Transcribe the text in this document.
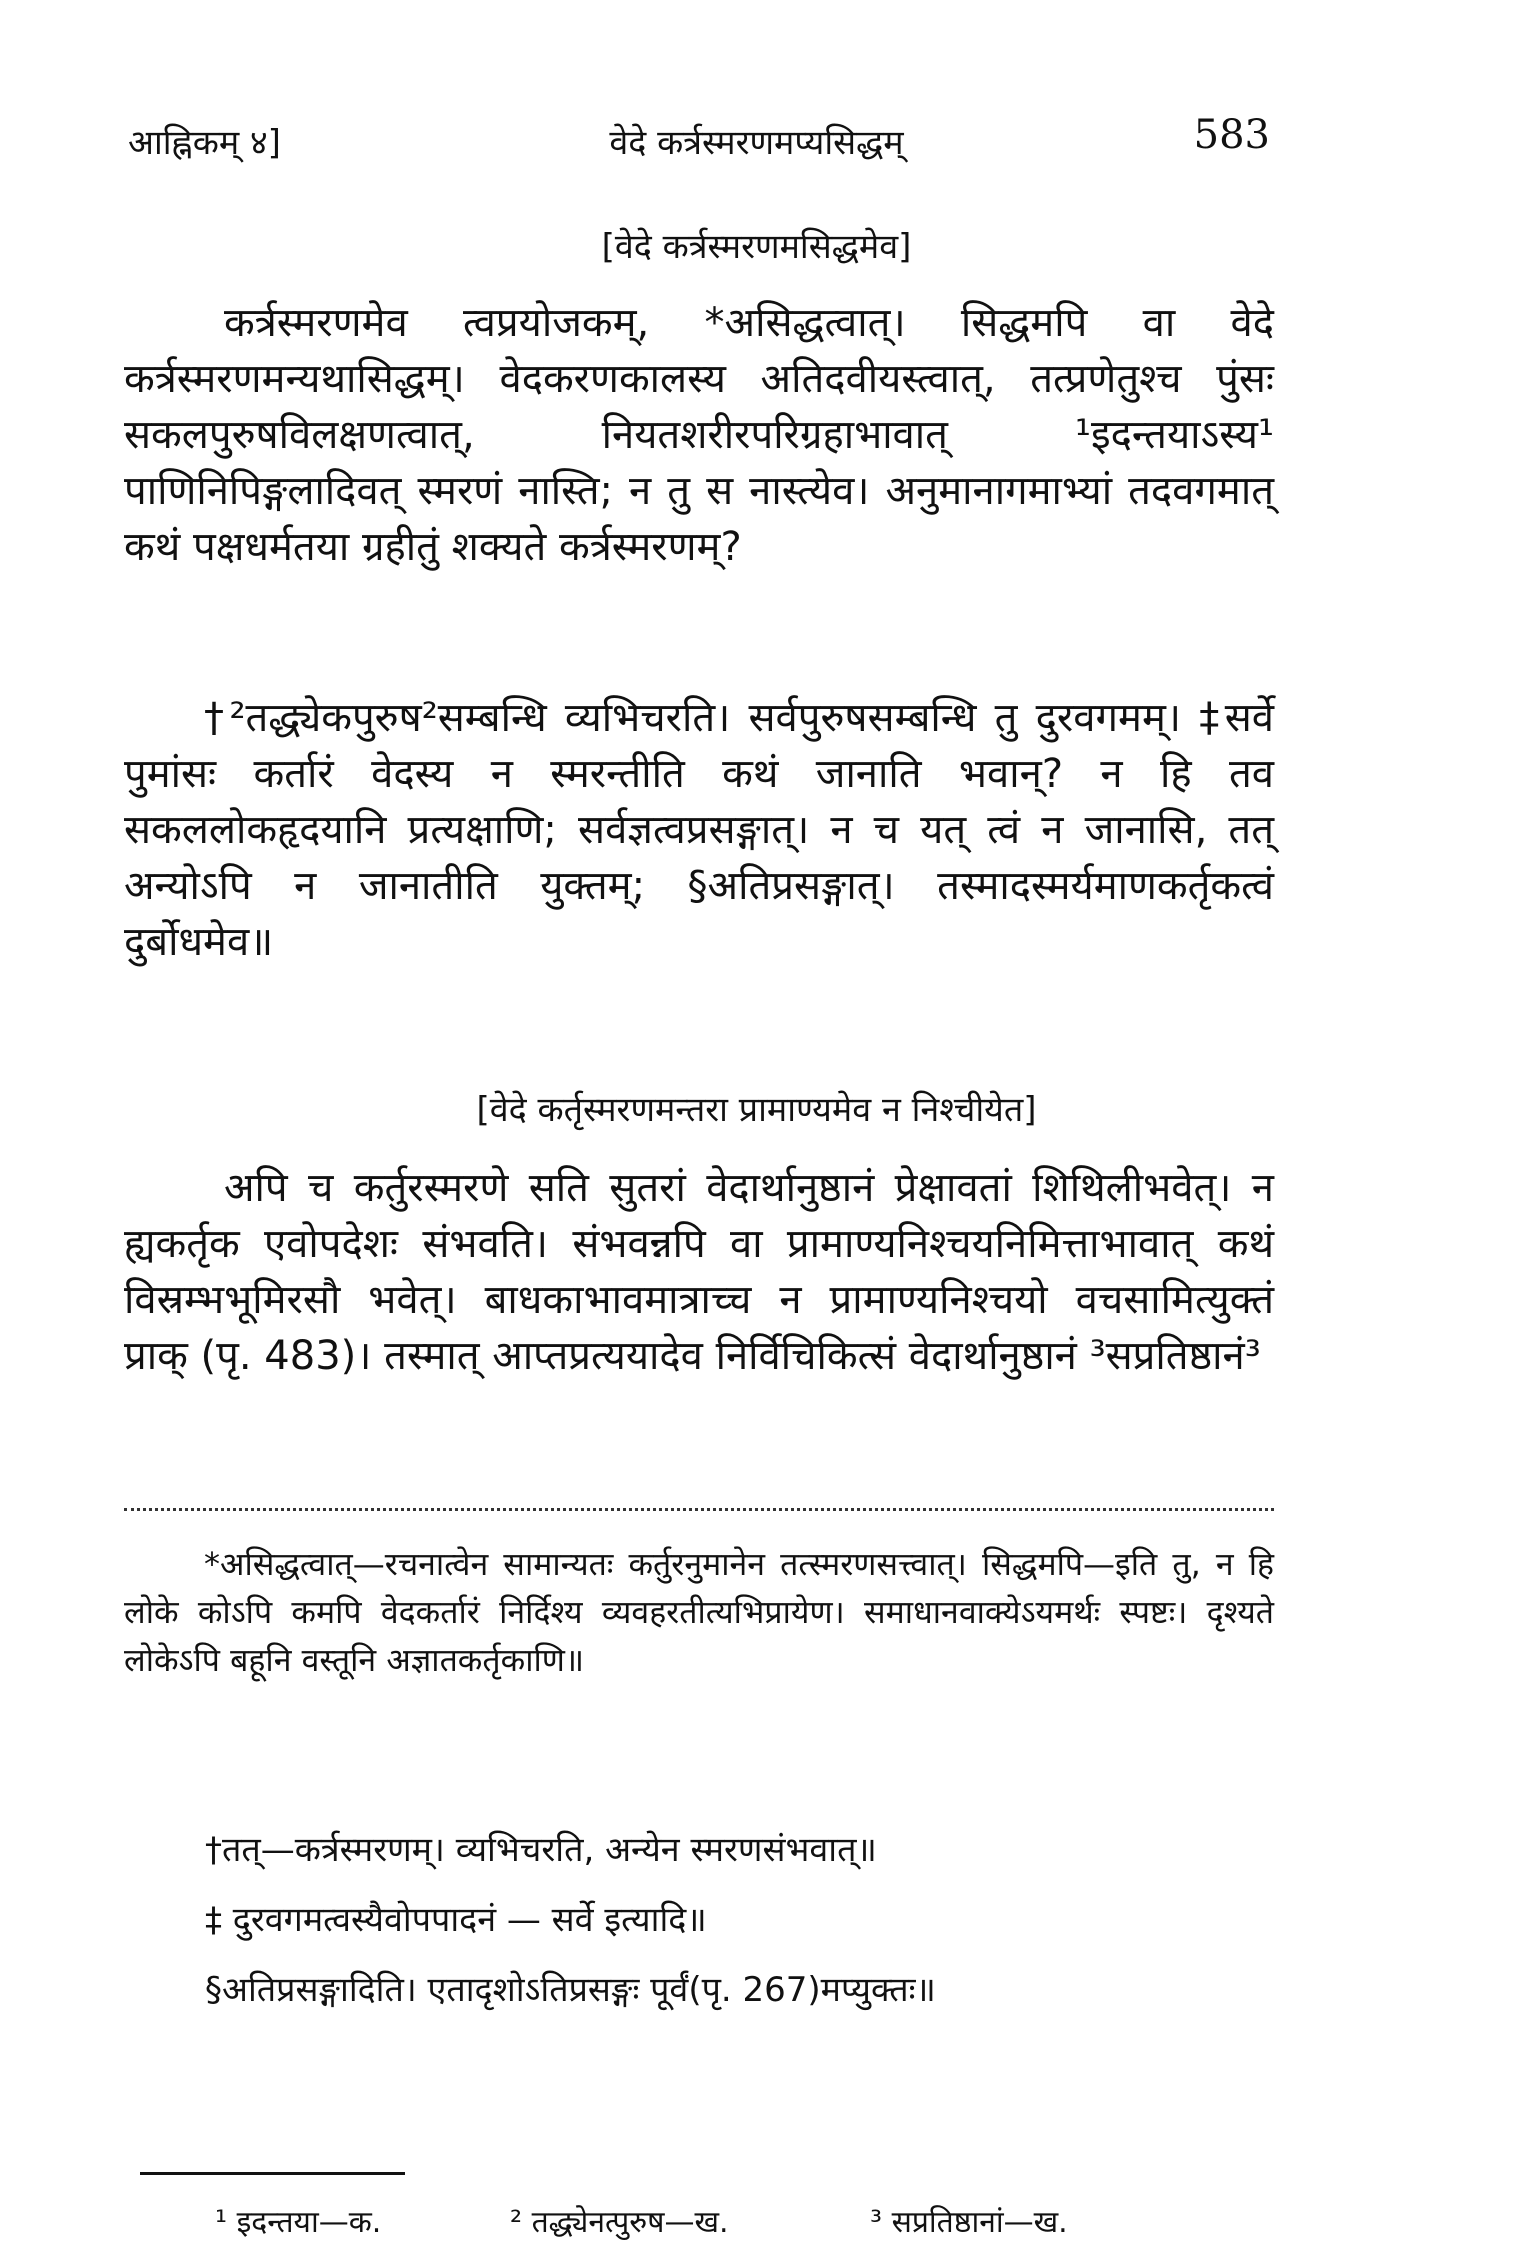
आह्निकम् ४]	वेदे कर्त्रस्मरणमप्यसिद्धम्	583
[वेदे कर्त्रस्मरणमसिद्धमेव]

कर्त्रस्मरणमेव त्वप्रयोजकम्, *असिद्धत्वात्। सिद्धमपि वा वेदे कर्त्रस्मरणमन्यथासिद्धम्। वेदकरणकालस्य अतिदवीयस्त्वात्, तत्प्रणेतुश्च पुंसः सकलपुरुषविलक्षणत्वात्, नियतशरीरपरिग्रहाभावात् ¹इदन्तयाऽस्य¹ पाणिनिपिङ्गलादिवत् स्मरणं नास्ति; न तु स नास्त्येव। अनुमानागमाभ्यां तदवगमात् कथं पक्षधर्मतया ग्रहीतुं शक्यते कर्त्रस्मरणम्?

†²तद्ध्येकपुरुष²सम्बन्धि व्यभिचरति। सर्वपुरुषसम्बन्धि तु दुरवगमम्। ‡सर्वे पुमांसः कर्तारं वेदस्य न स्मरन्तीति कथं जानाति भवान्? न हि तव सकललोकहृदयानि प्रत्यक्षाणि; सर्वज्ञत्वप्रसङ्गात्। न च यत् त्वं न जानासि, तत् अन्योऽपि न जानातीति युक्तम्; §अतिप्रसङ्गात्। तस्मादस्मर्यमाणकर्तृकत्वं दुर्बोधमेव॥

[वेदे कर्तृस्मरणमन्तरा प्रामाण्यमेव न निश्चीयेत]

अपि च कर्तुरस्मरणे सति सुतरां वेदार्थानुष्ठानं प्रेक्षावतां शिथिलीभवेत्। न ह्यकर्तृक एवोपदेशः संभवति। संभवन्नपि वा प्रामाण्यनिश्चयनिमित्ताभावात् कथं विस्रम्भभूमिरसौ भवेत्। बाधकाभावमात्राच्च न प्रामाण्यनिश्चयो वचसामित्युक्तं प्राक् (पृ. 483)। तस्मात् आप्तप्रत्ययादेव निर्विचिकित्सं वेदार्थानुष्ठानं ³सप्रतिष्ठानं³

*असिद्धत्वात्—रचनात्वेन सामान्यतः कर्तुरनुमानेन तत्स्मरणसत्त्वात्। सिद्धमपि—इति तु, न हि लोके कोऽपि कमपि वेदकर्तारं निर्दिश्य व्यवहरतीत्यभिप्रायेण। समाधानवाक्येऽयमर्थः स्पष्टः। दृश्यते लोकेऽपि बहूनि वस्तूनि अज्ञातकर्तृकाणि॥

†तत्—कर्त्रस्मरणम्। व्यभिचरति, अन्येन स्मरणसंभवात्॥
‡ दुरवगमत्वस्यैवोपपादनं — सर्वे इत्यादि॥
§अतिप्रसङ्गादिति। एतादृशोऽतिप्रसङ्गः पूर्वं(पृ. 267)मप्युक्तः॥
¹ इदन्तया—क.	² तद्ध्येनत्पुरुष—ख.	³ सप्रतिष्ठानां—ख.
